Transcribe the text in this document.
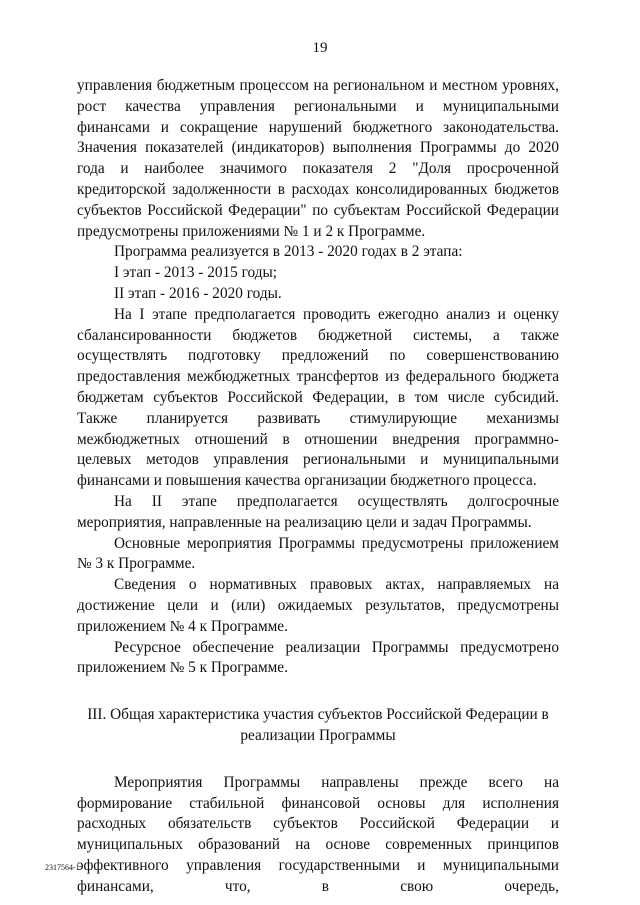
19

управления бюджетным процессом на региональном и местном уровнях, рост качества управления региональными и муниципальными финансами и сокращение нарушений бюджетного законодательства. Значения показателей (индикаторов) выполнения Программы до 2020 года и наиболее значимого показателя 2 "Доля просроченной кредиторской задолженности в расходах консолидированных бюджетов субъектов Российской Федерации" по субъектам Российской Федерации предусмотрены приложениями № 1 и 2 к Программе.

Программа реализуется в 2013 - 2020 годах в 2 этапа:

I этап - 2013 - 2015 годы;

II этап - 2016 - 2020 годы.

На I этапе предполагается проводить ежегодно анализ и оценку сбалансированности бюджетов бюджетной системы, а также осуществлять подготовку предложений по совершенствованию предоставления межбюджетных трансфертов из федерального бюджета бюджетам субъектов Российской Федерации, в том числе субсидий. Также планируется развивать стимулирующие механизмы межбюджетных отношений в отношении внедрения программно-целевых методов управления региональными и муниципальными финансами и повышения качества организации бюджетного процесса.

На II этапе предполагается осуществлять долгосрочные мероприятия, направленные на реализацию цели и задач Программы.

Основные мероприятия Программы предусмотрены приложением № 3 к Программе.

Сведения о нормативных правовых актах, направляемых на достижение цели и (или) ожидаемых результатов, предусмотрены приложением № 4 к Программе.

Ресурсное обеспечение реализации Программы предусмотрено приложением № 5 к Программе.

III. Общая характеристика участия субъектов Российской Федерации в
реализации Программы

Мероприятия Программы направлены прежде всего на формирование стабильной финансовой основы для исполнения расходных обязательств субъектов Российской Федерации и муниципальных образований на основе современных принципов эффективного управления государственными и муниципальными финансами, что, в свою очередь,

2317564-1
